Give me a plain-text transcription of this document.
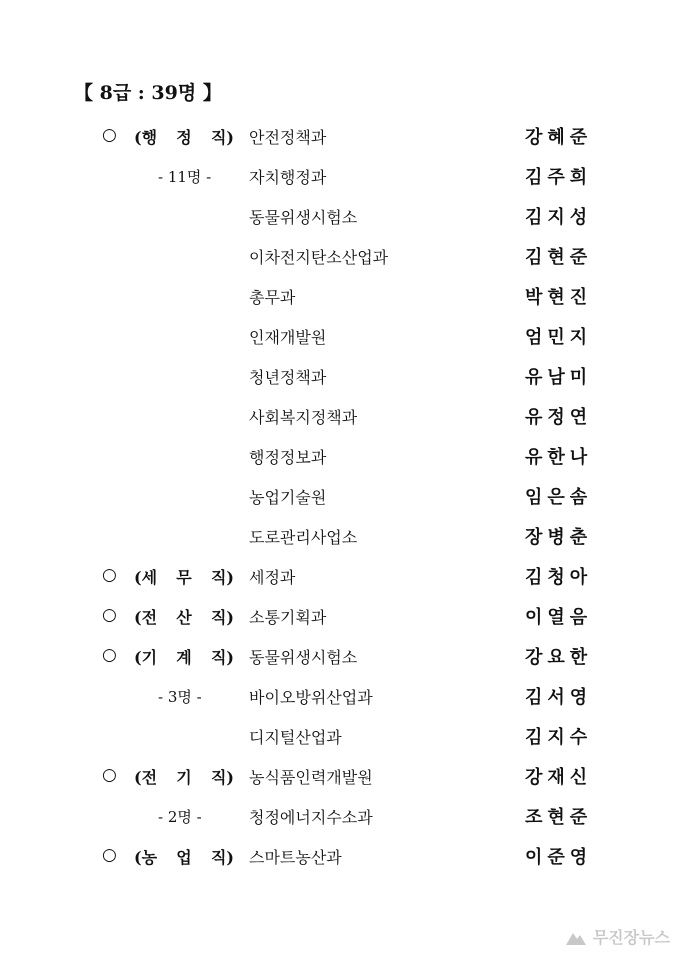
【 8급 : 39명 】
○ (행 정 직) 안전정책과	강혜준
- 11명 - 자치행정과	김주희
동물위생시험소	김지성
이차전지탄소산업과	김현준
총무과	박현진
인재개발원	엄민지
청년정책과	유남미
사회복지정책과	유정연
행정정보과	유한나
농업기술원	임은솜
도로관리사업소	장병춘
○ (세 무 직) 세정과	김청아
○ (전 산 직) 소통기획과	이열음
○ (기 계 직) 동물위생시험소	강요한
- 3명 -	바이오방위산업과	김서영
디지털산업과	김지수
○ (전 기 직) 농식품인력개발원	강재신
- 2명 -	청정에너지수소과	조현준
○ (농 업 직) 스마트농산과	이준영
무진장뉴스
